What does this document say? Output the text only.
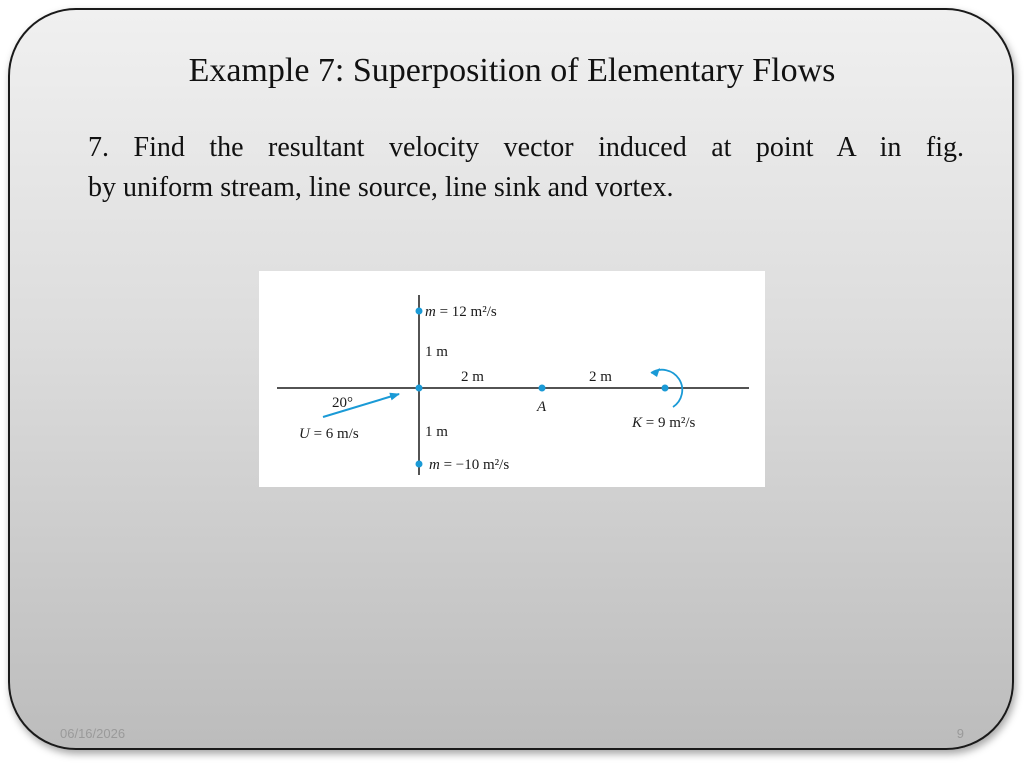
Example 7: Superposition of Elementary Flows
7. Find the resultant velocity vector induced at point A in fig.
by uniform stream, line source, line sink and vortex.
m = 12 m²/s
1 m
2 m	2 m
A
K = 9 m²/s
20°
U = 6 m/s	1 m
m = −10 m²/s
06/16/2026	9
